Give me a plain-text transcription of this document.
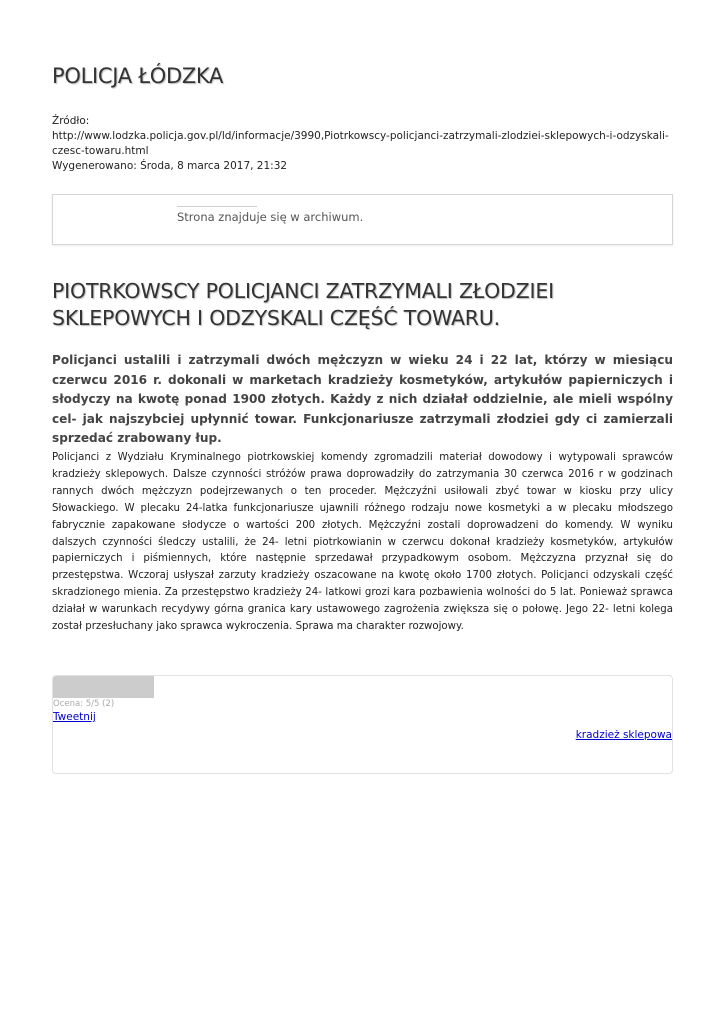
POLICJA ŁÓDZKA

Źródło:

http://www.lodzka.policja.gov.pl/ld/informacje/3990,Piotrkowscy-policjanci-zatrzymali-zlodziei-sklepowych-i-odzyskali-czesc-towaru.html

Wygenerowano: Środa, 8 marca 2017, 21:32

Strona znajduje się w archiwum.
PIOTRKOWSCY POLICJANCI ZATRZYMALI ZŁODZIEI SKLEPOWYCH I ODZYSKALI CZĘŚĆ TOWARU.

Policjanci ustalili i zatrzymali dwóch mężczyzn w wieku 24 i 22 lat, którzy w miesiącu czerwcu 2016 r. dokonali w marketach kradzieży kosmetyków, artykułów papierniczych i słodyczy na kwotę ponad 1900 złotych. Każdy z nich działał oddzielnie, ale mieli wspólny cel- jak najszybciej upłynnić towar. Funkcjonariusze zatrzymali złodziei gdy ci zamierzali sprzedać zrabowany łup.

Policjanci z Wydziału Kryminalnego piotrkowskiej komendy zgromadzili materiał dowodowy i wytypowali sprawców kradzieży sklepowych. Dalsze czynności stróżów prawa doprowadziły do zatrzymania 30 czerwca 2016 r w godzinach rannych dwóch mężczyzn podejrzewanych o ten proceder. Mężczyźni usiłowali zbyć towar w kiosku przy ulicy Słowackiego. W plecaku 24-latka funkcjonariusze ujawnili różnego rodzaju nowe kosmetyki a w plecaku młodszego fabrycznie zapakowane słodycze o wartości 200 złotych. Mężczyźni zostali doprowadzeni do komendy. W wyniku dalszych czynności śledczy ustalili, że 24- letni piotrkowianin w czerwcu dokonał kradzieży kosmetyków, artykułów papierniczych i piśmiennych, które następnie sprzedawał przypadkowym osobom. Mężczyzna przyznał się do przestępstwa. Wczoraj usłyszał zarzuty kradzieży oszacowane na kwotę około 1700 złotych. Policjanci odzyskali część skradzionego mienia. Za przestępstwo kradzieży 24- latkowi grozi kara pozbawienia wolności do 5 lat. Ponieważ sprawca działał w warunkach recydywy górna granica kary ustawowego zagrożenia zwiększa się o połowę. Jego 22- letni kolega został przesłuchany jako sprawca wykroczenia. Sprawa ma charakter rozwojowy.

Ocena: 5/5 (2)
Tweetnij
kradzież sklepowa
